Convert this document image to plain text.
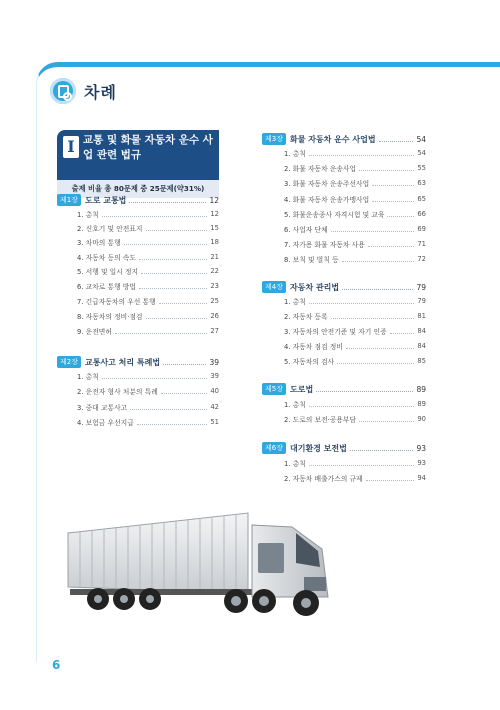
차례
I 교통 및 화물 자동차 운수 사업 관련 법규
출제 비율 총 80문제 중 25문제(약31%)
제1장 도로 교통법	12
1. 총칙	12
2. 신호기 및 안전표지	15
3. 차마의 통행	18
4. 자동차 등의 속도	21
5. 서행 및 일시 정지	22
6. 교차로 통행 방법	23
7. 긴급자동차의 우선 통행	25
8. 자동차의 정비·점검	26
9. 운전면허	27
제2장 교통사고 처리 특례법	39
1. 총칙	39
2. 운전자 형사 처분의 특례	40
3. 중대 교통사고	42
4. 보험금 우선지급	51
제3장 화물 자동차 운수 사업법	54
1. 총칙	54
2. 화물 자동차 운송사업	55
3. 화물 자동차 운송주선사업	63
4. 화물 자동차 운송가맹사업	65
5. 화물운송종사 자격시험 및 교육	66
6. 사업자 단체	69
7. 자가용 화물 자동차 사용	71
8. 보칙 및 벌칙 등	72
제4장 자동차 관리법	79
1. 총칙	79
2. 자동차 등록	81
3. 자동차의 안전기준 및 자기 인증	84
4. 자동차 점검 정비	84
5. 자동차의 검사	85
제5장 도로법	89
1. 총칙	89
2. 도로의 보전·공용부담	90
제6장 대기환경 보전법	93
1. 총칙	93
2. 자동차 배출가스의 규제	94
6
